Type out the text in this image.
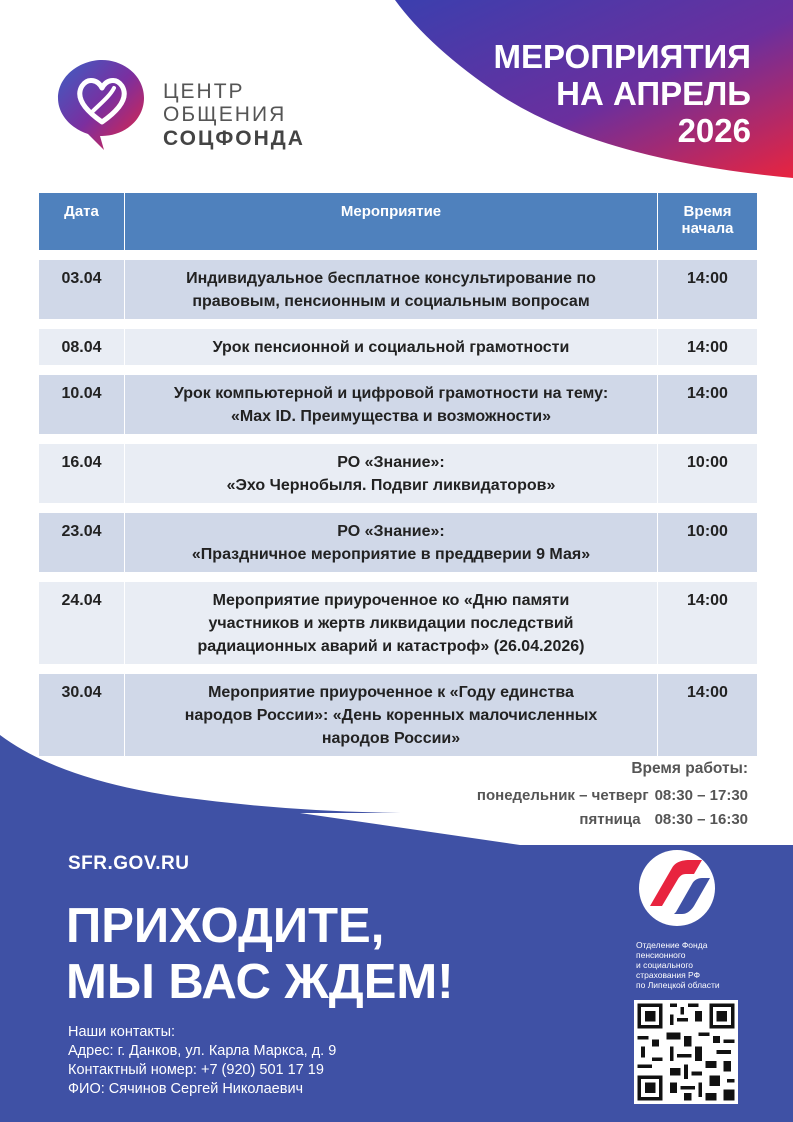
МЕРОПРИЯТИЯ
НА АПРЕЛЬ
2026
ЦЕНТР
ОБЩЕНИЯ
СОЦФОНДА
Дата	Мероприятие	Время
начала

03.04	Индивидуальное бесплатное консультирование по
правовым, пенсионным и социальным вопросам	14:00

08.04	Урок пенсионной и социальной грамотности	14:00

10.04	Урок компьютерной и цифровой грамотности на тему:
«Max ID. Преимущества и возможности»	14:00

16.04	РО «Знание»:
«Эхо Чернобыля. Подвиг ликвидаторов»	10:00

23.04	РО «Знание»:
«Праздничное мероприятие в преддверии 9 Мая»	10:00

24.04	Мероприятие приуроченное ко «Дню памяти
участников и жертв ликвидации последствий
радиационных аварий и катастроф» (26.04.2026)	14:00

30.04	Мероприятие приуроченное к «Году единства
народов России»: «День коренных малочисленных
народов России»	14:00
Время работы:
понедельник – четверг 08:30 – 17:30
пятница 08:30 – 16:30
SFR.GOV.RU
ПРИХОДИТЕ,
МЫ ВАС ЖДЕМ!
Наши контакты:
Адрес: г. Данков, ул. Карла Маркса, д. 9
Контактный номер: +7 (920) 501 17 19
ФИО: Сячинов Сергей Николаевич
Отделение Фонда
пенсионного
и социального
страхования РФ
по Липецкой области
